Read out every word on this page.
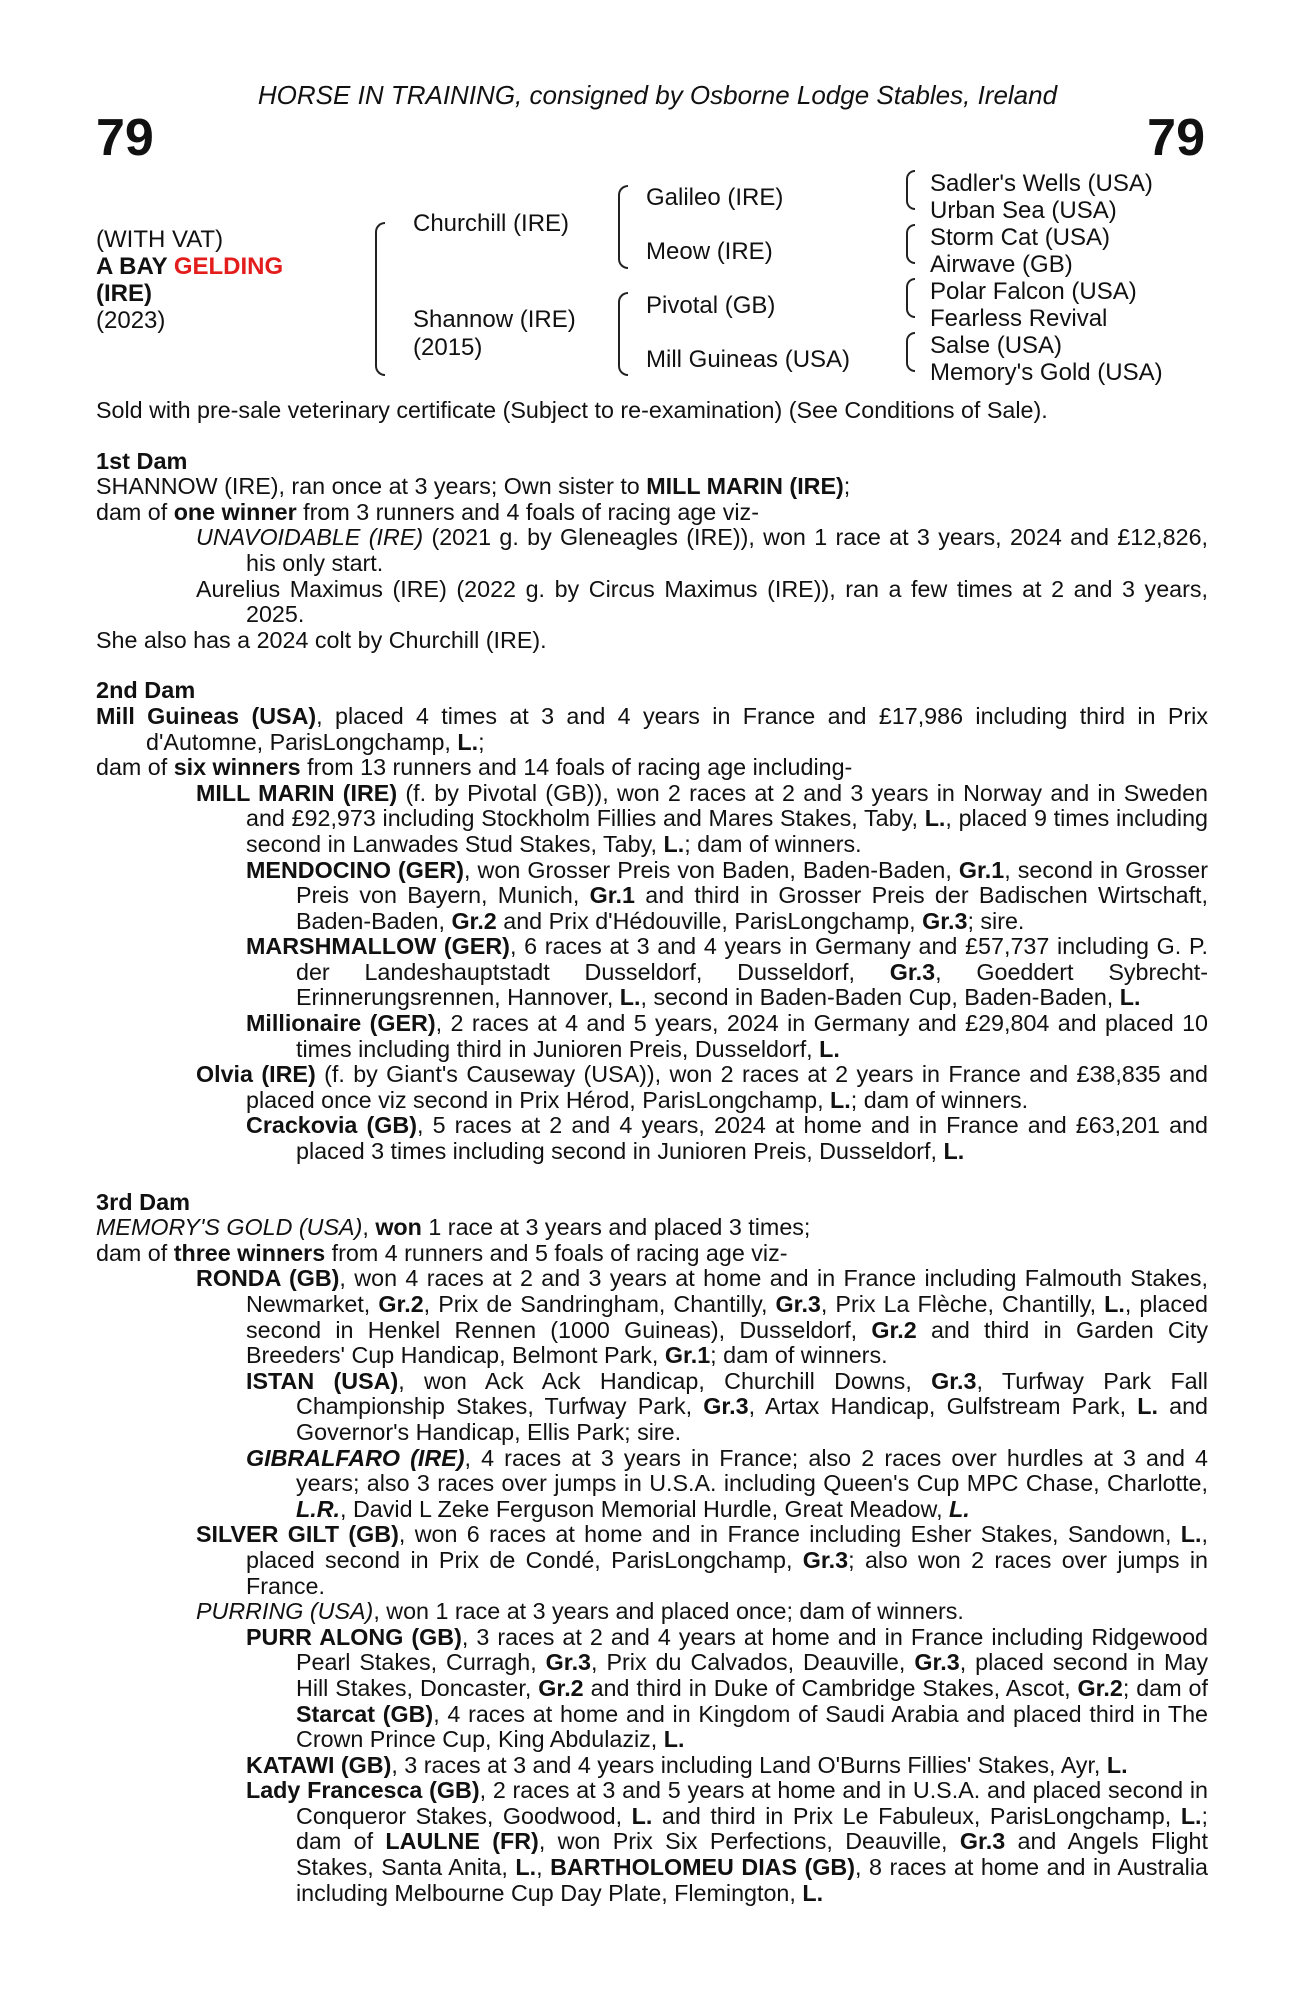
HORSE IN TRAINING, consigned by Osborne Lodge Stables, Ireland
79	79
(WITH VAT)
A BAY GELDING
(IRE)
(2023)
Churchill (IRE)
Shannow (IRE)
(2015)
Galileo (IRE)
Meow (IRE)
Pivotal (GB)
Mill Guineas (USA)
Sadler's Wells (USA)
Urban Sea (USA)
Storm Cat (USA)
Airwave (GB)
Polar Falcon (USA)
Fearless Revival
Salse (USA)
Memory's Gold (USA)

Sold with pre-sale veterinary certificate (Subject to re-examination) (See Conditions of Sale).

1st Dam

SHANNOW (IRE), ran once at 3 years; Own sister to MILL MARIN (IRE);

dam of one winner from 3 runners and 4 foals of racing age viz-

UNAVOIDABLE (IRE) (2021 g. by Gleneagles (IRE)), won 1 race at 3 years, 2024 and £12,826, his only start.

Aurelius Maximus (IRE) (2022 g. by Circus Maximus (IRE)), ran a few times at 2 and 3 years, 2025.

She also has a 2024 colt by Churchill (IRE).

2nd Dam

Mill Guineas (USA), placed 4 times at 3 and 4 years in France and £17,986 including third in Prix d'Automne, ParisLongchamp, L.;

dam of six winners from 13 runners and 14 foals of racing age including-

MILL MARIN (IRE) (f. by Pivotal (GB)), won 2 races at 2 and 3 years in Norway and in Sweden and £92,973 including Stockholm Fillies and Mares Stakes, Taby, L., placed 9 times including second in Lanwades Stud Stakes, Taby, L.; dam of winners.

MENDOCINO (GER), won Grosser Preis von Baden, Baden-Baden, Gr.1, second in Grosser Preis von Bayern, Munich, Gr.1 and third in Grosser Preis der Badischen Wirtschaft, Baden-Baden, Gr.2 and Prix d'Hédouville, ParisLongchamp, Gr.3; sire.

MARSHMALLOW (GER), 6 races at 3 and 4 years in Germany and £57,737 including G. P. der Landeshauptstadt Dusseldorf, Dusseldorf, Gr.3, Goeddert Sybrecht-Erinnerungsrennen, Hannover, L., second in Baden-Baden Cup, Baden-Baden, L.

Millionaire (GER), 2 races at 4 and 5 years, 2024 in Germany and £29,804 and placed 10 times including third in Junioren Preis, Dusseldorf, L.

Olvia (IRE) (f. by Giant's Causeway (USA)), won 2 races at 2 years in France and £38,835 and placed once viz second in Prix Hérod, ParisLongchamp, L.; dam of winners.

Crackovia (GB), 5 races at 2 and 4 years, 2024 at home and in France and £63,201 and placed 3 times including second in Junioren Preis, Dusseldorf, L.

3rd Dam

MEMORY'S GOLD (USA), won 1 race at 3 years and placed 3 times;

dam of three winners from 4 runners and 5 foals of racing age viz-

RONDA (GB), won 4 races at 2 and 3 years at home and in France including Falmouth Stakes, Newmarket, Gr.2, Prix de Sandringham, Chantilly, Gr.3, Prix La Flèche, Chantilly, L., placed second in Henkel Rennen (1000 Guineas), Dusseldorf, Gr.2 and third in Garden City Breeders' Cup Handicap, Belmont Park, Gr.1; dam of winners.

ISTAN (USA), won Ack Ack Handicap, Churchill Downs, Gr.3, Turfway Park Fall Championship Stakes, Turfway Park, Gr.3, Artax Handicap, Gulfstream Park, L. and Governor's Handicap, Ellis Park; sire.

GIBRALFARO (IRE), 4 races at 3 years in France; also 2 races over hurdles at 3 and 4 years; also 3 races over jumps in U.S.A. including Queen's Cup MPC Chase, Charlotte, L.R., David L Zeke Ferguson Memorial Hurdle, Great Meadow, L.

SILVER GILT (GB), won 6 races at home and in France including Esher Stakes, Sandown, L., placed second in Prix de Condé, ParisLongchamp, Gr.3; also won 2 races over jumps in France.

PURRING (USA), won 1 race at 3 years and placed once; dam of winners.

PURR ALONG (GB), 3 races at 2 and 4 years at home and in France including Ridgewood Pearl Stakes, Curragh, Gr.3, Prix du Calvados, Deauville, Gr.3, placed second in May Hill Stakes, Doncaster, Gr.2 and third in Duke of Cambridge Stakes, Ascot, Gr.2; dam of Starcat (GB), 4 races at home and in Kingdom of Saudi Arabia and placed third in The Crown Prince Cup, King Abdulaziz, L.

KATAWI (GB), 3 races at 3 and 4 years including Land O'Burns Fillies' Stakes, Ayr, L.

Lady Francesca (GB), 2 races at 3 and 5 years at home and in U.S.A. and placed second in Conqueror Stakes, Goodwood, L. and third in Prix Le Fabuleux, ParisLongchamp, L.; dam of LAULNE (FR), won Prix Six Perfections, Deauville, Gr.3 and Angels Flight Stakes, Santa Anita, L., BARTHOLOMEU DIAS (GB), 8 races at home and in Australia including Melbourne Cup Day Plate, Flemington, L.
